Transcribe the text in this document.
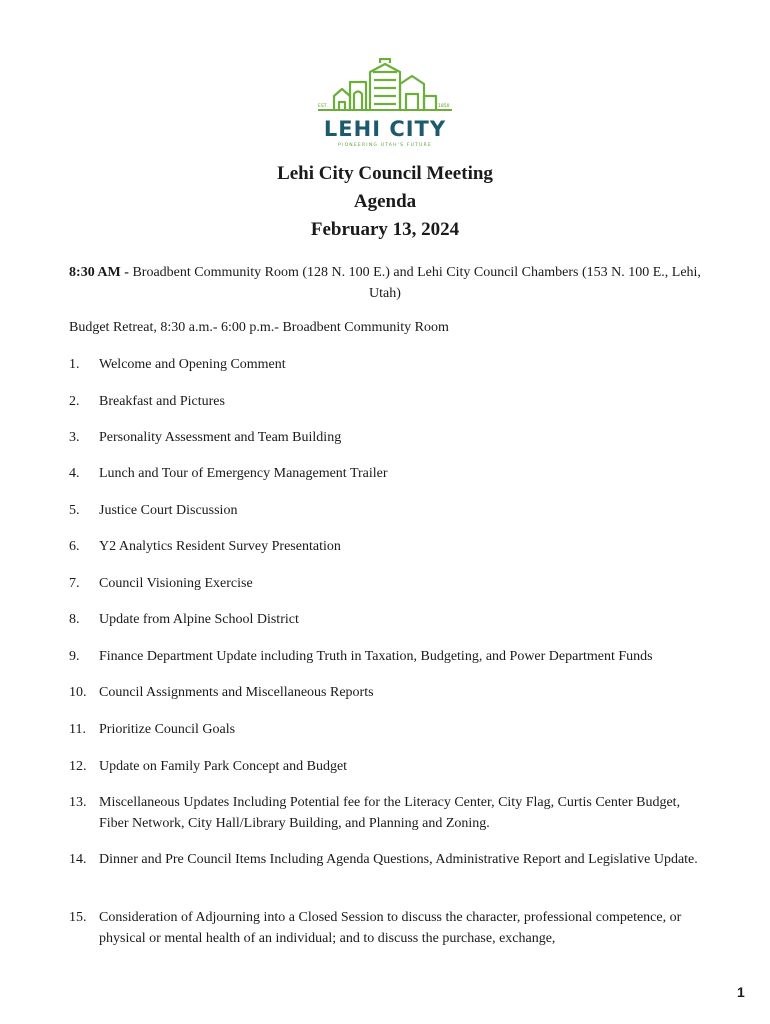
EST	1850
LEHI CITY
PIONEERING UTAH'S FUTURE
Lehi City Council Meeting
Agenda
February 13, 2024
8:30 AM - Broadbent Community Room (128 N. 100 E.) and Lehi City Council Chambers (153 N. 100 E., Lehi, Utah)
Budget Retreat, 8:30 a.m.- 6:00 p.m.- Broadbent Community Room
1. Welcome and Opening Comment
2. Breakfast and Pictures
3. Personality Assessment and Team Building
4. Lunch and Tour of Emergency Management Trailer
5. Justice Court Discussion
6. Y2 Analytics Resident Survey Presentation
7. Council Visioning Exercise
8. Update from Alpine School District
9. Finance Department Update including Truth in Taxation, Budgeting, and Power Department Funds
10. Council Assignments and Miscellaneous Reports
11. Prioritize Council Goals
12. Update on Family Park Concept and Budget
13. Miscellaneous Updates Including Potential fee for the Literacy Center, City Flag, Curtis Center Budget, Fiber Network, City Hall/Library Building, and Planning and Zoning.
14. Dinner and Pre Council Items Including Agenda Questions, Administrative Report and Legislative Update.
15. Consideration of Adjourning into a Closed Session to discuss the character, professional competence, or physical or mental health of an individual; and to discuss the purchase, exchange,
1
